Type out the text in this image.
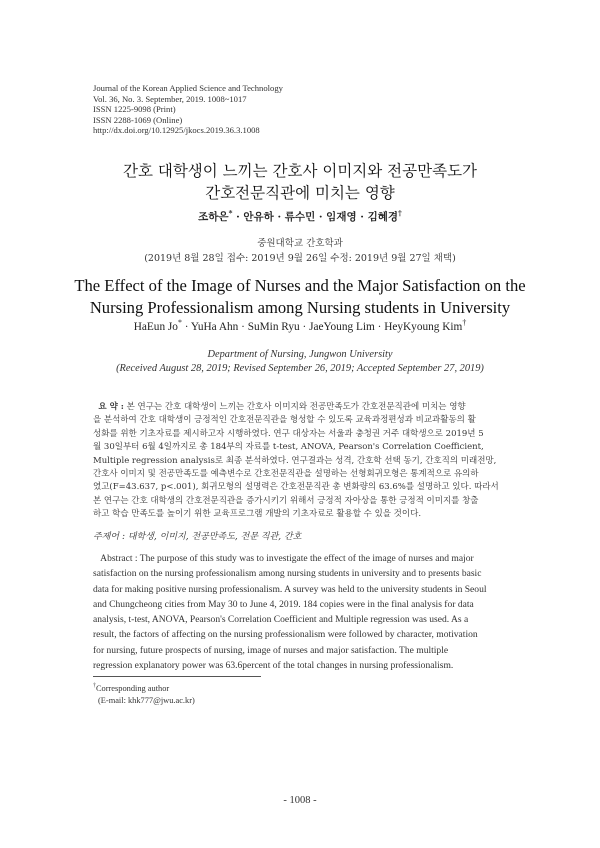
Journal of the Korean Applied Science and Technology
Vol. 36, No. 3. September, 2019. 1008~1017
ISSN 1225-9098 (Print)
ISSN 2288-1069 (Online)
http://dx.doi.org/10.12925/jkocs.2019.36.3.1008
간호 대학생이 느끼는 간호사 이미지와 전공만족도가
간호전문직관에 미치는 영향
조하은* · 안유하 · 류수민 · 임재영 · 김혜경†
중원대학교 간호학과
(2019년 8월 28일 접수: 2019년 9월 26일 수정: 2019년 9월 27일 채택)
The Effect of the Image of Nurses and the Major Satisfaction on the
Nursing Professionalism among Nursing students in University
HaEun Jo* · YuHa Ahn · SuMin Ryu · JaeYoung Lim · HeyKyoung Kim†
Department of Nursing, Jungwon University
(Received August 28, 2019; Revised September 26, 2019; Accepted September 27, 2019)
요 약 : 본 연구는 간호 대학생이 느끼는 간호사 이미지와 전공만족도가 간호전문직관에 미치는 영향
을 분석하여 간호 대학생이 긍정적인 간호전문직관을 형성할 수 있도록 교육과정편성과 비교과활동의 활
성화를 위한 기초자료를 제시하고자 시행하였다. 연구 대상자는 서울과 충청권 거주 대학생으로 2019년 5
월 30일부터 6월 4일까지로 총 184부의 자료를 t-test, ANOVA, Pearson's Correlation Coefficient,
Multiple regression analysis로 최종 분석하였다. 연구결과는 성격, 간호학 선택 동기, 간호직의 미래전망,
간호사 이미지 및 전공만족도를 예측변수로 간호전문직관을 설명하는 선형회귀모형은 통계적으로 유의하
였고(F=43.637, p<.001), 회귀모형의 설명력은 간호전문직관 총 변화량의 63.6%를 설명하고 있다. 따라서
본 연구는 간호 대학생의 간호전문직관을 증가시키기 위해서 긍정적 자아상을 통한 긍정적 이미지를 창출
하고 학습 만족도를 높이기 위한 교육프로그램 개발의 기초자료로 활용할 수 있을 것이다.
주제어 : 대학생, 이미지, 전공만족도, 전문 직관, 간호
Abstract : The purpose of this study was to investigate the effect of the image of nurses and major
satisfaction on the nursing professionalism among nursing students in university and to presents basic
data for making positive nursing professionalism. A survey was held to the university students in Seoul
and Chungcheong cities from May 30 to June 4, 2019. 184 copies were in the final analysis for data
analysis, t-test, ANOVA, Pearson's Correlation Coefficient and Multiple regression was used. As a
result, the factors of affecting on the nursing professionalism were followed by character, motivation
for nursing, future prospects of nursing, image of nurses and major satisfaction. The multiple
regression explanatory power was 63.6percent of the total changes in nursing professionalism.
†Corresponding author
(E-mail: khk777@jwu.ac.kr)
- 1008 -
